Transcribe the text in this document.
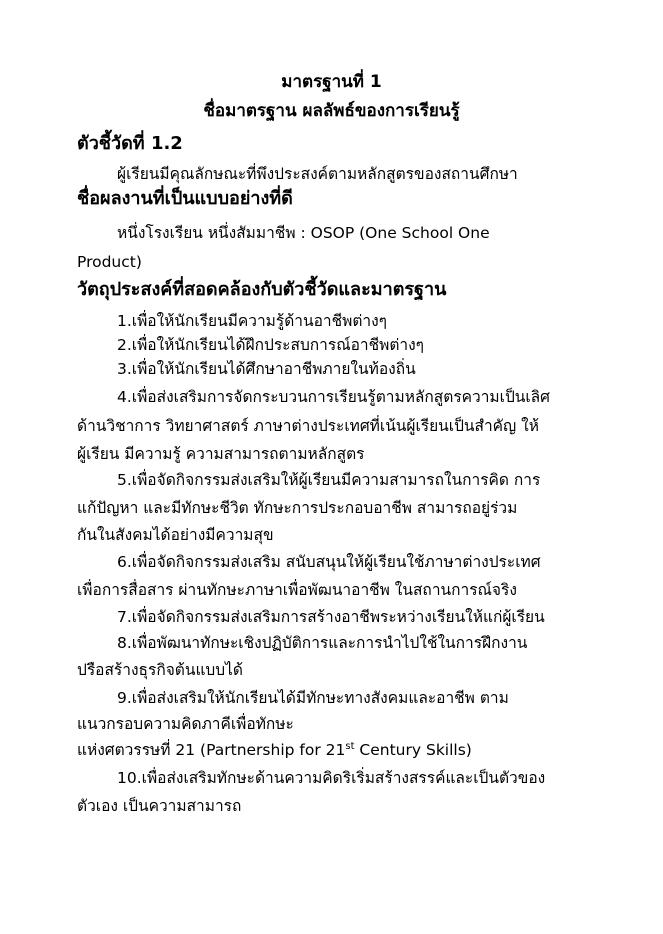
มาตรฐานที่ 1
ชื่อมาตรฐาน ผลลัพธ์ของการเรียนรู้
ตัวชี้วัดที่ 1.2
ผู้เรียนมีคุณลักษณะที่พึงประสงค์ตามหลักสูตรของสถานศึกษา
ชื่อผลงานที่เป็นแบบอย่างที่ดี
หนึ่งโรงเรียน หนึ่งสัมมาชีพ : OSOP (One School One
Product)
วัตถุประสงค์ที่สอดคล้องกับตัวชี้วัดและมาตรฐาน
1.เพื่อให้นักเรียนมีความรู้ด้านอาชีพต่างๆ
2.เพื่อให้นักเรียนได้ฝึกประสบการณ์อาชีพต่างๆ
3.เพื่อให้นักเรียนได้ศึกษาอาชีพภายในท้องถิ่น
4.เพื่อส่งเสริมการจัดกระบวนการเรียนรู้ตามหลักสูตรความเป็นเลิศ
ด้านวิชาการ วิทยาศาสตร์ ภาษาต่างประเทศที่เน้นผู้เรียนเป็นสำคัญ ให้
ผู้เรียน มีความรู้ ความสามารถตามหลักสูตร
5.เพื่อจัดกิจกรรมส่งเสริมให้ผู้เรียนมีความสามารถในการคิด การ
แก้ปัญหา และมีทักษะชีวิต ทักษะการประกอบอาชีพ สามารถอยู่ร่วม
กันในสังคมได้อย่างมีความสุข
6.เพื่อจัดกิจกรรมส่งเสริม สนับสนุนให้ผู้เรียนใช้ภาษาต่างประเทศ
เพื่อการสื่อสาร ผ่านทักษะภาษาเพื่อพัฒนาอาชีพ ในสถานการณ์จริง
7.เพื่อจัดกิจกรรมส่งเสริมการสร้างอาชีพระหว่างเรียนให้แก่ผู้เรียน
8.เพื่อพัฒนาทักษะเชิงปฏิบัติการและการนำไปใช้ในการฝึกงาน
ปรือสร้างธุรกิจต้นแบบได้
9.เพื่อส่งเสริมให้นักเรียนได้มีทักษะทางสังคมและอาชีพ ตาม
แนวกรอบความคิดภาคีเพื่อทักษะ
แห่งศตวรรษที่ 21 (Partnership for 21st Century Skills)
10.เพื่อส่งเสริมทักษะด้านความคิดริเริ่มสร้างสรรค์และเป็นตัวของ
ตัวเอง เป็นความสามารถ
